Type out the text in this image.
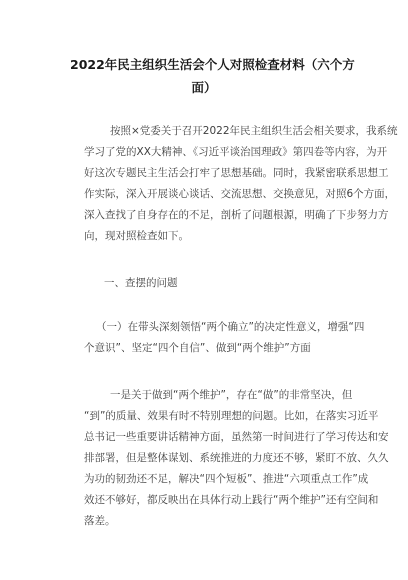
2022年民主组织生活会个人对照检查材料（六个方
面）
按照×党委关于召开2022年民主组织生活会相关要求，我系统
学习了党的XX大精神、《习近平谈治国理政》第四卷等内容，为开
好这次专题民主生活会打牢了思想基础。同时，我紧密联系思想工
作实际，深入开展谈心谈话、交流思想、交换意见，对照6个方面，
深入查找了自身存在的不足，剖析了问题根源，明确了下步努力方
向，现对照检查如下。
一、查摆的问题
（一）在带头深刻领悟“两个确立”的决定性意义，增强“四
个意识”、坚定“四个自信”、做到“两个维护”方面
一是关于做到“两个维护”，存在“做”的非常坚决，但
“到”的质量、效果有时不特别理想的问题。比如，在落实习近平
总书记一些重要讲话精神方面，虽然第一时间进行了学习传达和安
排部署，但是整体谋划、系统推进的力度还不够，紧盯不放、久久
为功的韧劲还不足，解决“四个短板”、推进“六项重点工作”成
效还不够好，都反映出在具体行动上践行“两个维护”还有空间和
落差。
